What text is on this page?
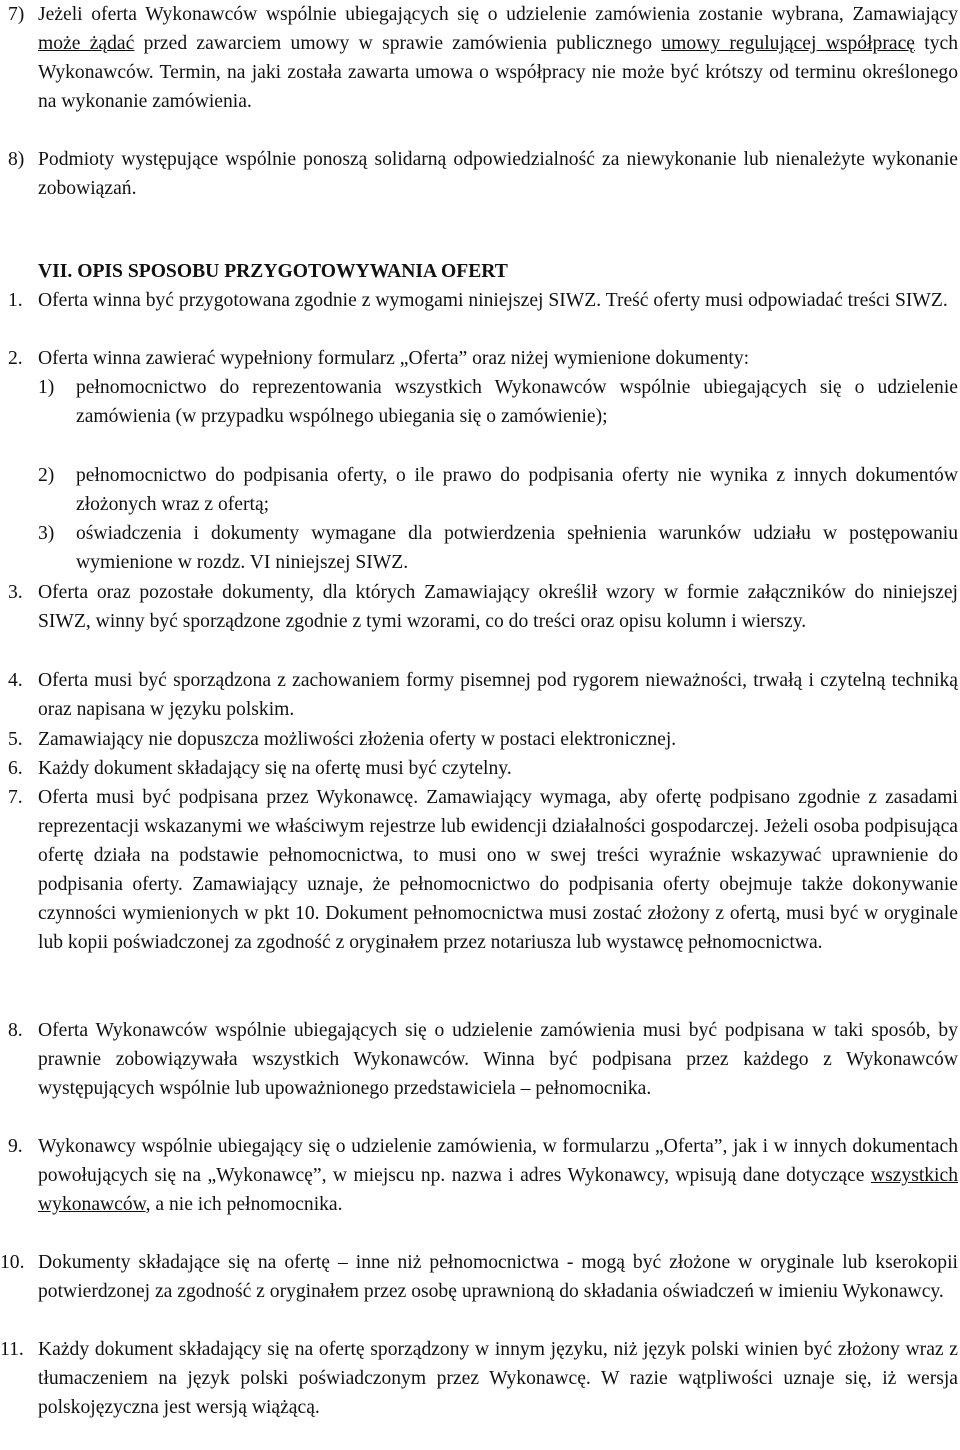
7) Jeżeli oferta Wykonawców wspólnie ubiegających się o udzielenie zamówienia zostanie wybrana, Zamawiający może żądać przed zawarciem umowy w sprawie zamówienia publicznego umowy regulującej współpracę tych Wykonawców. Termin, na jaki została zawarta umowa o współpracy nie może być krótszy od terminu określonego na wykonanie zamówienia.
8) Podmioty występujące wspólnie ponoszą solidarną odpowiedzialność za niewykonanie lub nienależyte wykonanie zobowiązań.
VII. OPIS SPOSOBU PRZYGOTOWYWANIA OFERT
1. Oferta winna być przygotowana zgodnie z wymogami niniejszej SIWZ. Treść oferty musi odpowiadać treści SIWZ.
2. Oferta winna zawierać wypełniony formularz „Oferta” oraz niżej wymienione dokumenty:
1) pełnomocnictwo do reprezentowania wszystkich Wykonawców wspólnie ubiegających się o udzielenie zamówienia (w przypadku wspólnego ubiegania się o zamówienie);
2) pełnomocnictwo do podpisania oferty, o ile prawo do podpisania oferty nie wynika z innych dokumentów złożonych wraz z ofertą;
3) oświadczenia i dokumenty wymagane dla potwierdzenia spełnienia warunków udziału w postępowaniu wymienione w rozdz. VI niniejszej SIWZ.
3. Oferta oraz pozostałe dokumenty, dla których Zamawiający określił wzory w formie załączników do niniejszej SIWZ, winny być sporządzone zgodnie z tymi wzorami, co do treści oraz opisu kolumn i wierszy.
4. Oferta musi być sporządzona z zachowaniem formy pisemnej pod rygorem nieważności, trwałą i czytelną techniką oraz napisana w języku polskim.
5. Zamawiający nie dopuszcza możliwości złożenia oferty w postaci elektronicznej.
6. Każdy dokument składający się na ofertę musi być czytelny.
7. Oferta musi być podpisana przez Wykonawcę. Zamawiający wymaga, aby ofertę podpisano zgodnie z zasadami reprezentacji wskazanymi we właściwym rejestrze lub ewidencji działalności gospodarczej. Jeżeli osoba podpisująca ofertę działa na podstawie pełnomocnictwa, to musi ono w swej treści wyraźnie wskazywać uprawnienie do podpisania oferty. Zamawiający uznaje, że pełnomocnictwo do podpisania oferty obejmuje także dokonywanie czynności wymienionych w pkt 10. Dokument pełnomocnictwa musi zostać złożony z ofertą, musi być w oryginale lub kopii poświadczonej za zgodność z oryginałem przez notariusza lub wystawcę pełnomocnictwa.
8. Oferta Wykonawców wspólnie ubiegających się o udzielenie zamówienia musi być podpisana w taki sposób, by prawnie zobowiązywała wszystkich Wykonawców. Winna być podpisana przez każdego z Wykonawców występujących wspólnie lub upoważnionego przedstawiciela – pełnomocnika.
9. Wykonawcy wspólnie ubiegający się o udzielenie zamówienia, w formularzu „Oferta”, jak i w innych dokumentach powołujących się na „Wykonawcę”, w miejscu np. nazwa i adres Wykonawcy, wpisują dane dotyczące wszystkich wykonawców, a nie ich pełnomocnika.
10. Dokumenty składające się na ofertę – inne niż pełnomocnictwa - mogą być złożone w oryginale lub kserokopii potwierdzonej za zgodność z oryginałem przez osobę uprawnioną do składania oświadczeń w imieniu Wykonawcy.
11. Każdy dokument składający się na ofertę sporządzony w innym języku, niż język polski winien być złożony wraz z tłumaczeniem na język polski poświadczonym przez Wykonawcę. W razie wątpliwości uznaje się, iż wersja polskojęzyczna jest wersją wiążącą.
